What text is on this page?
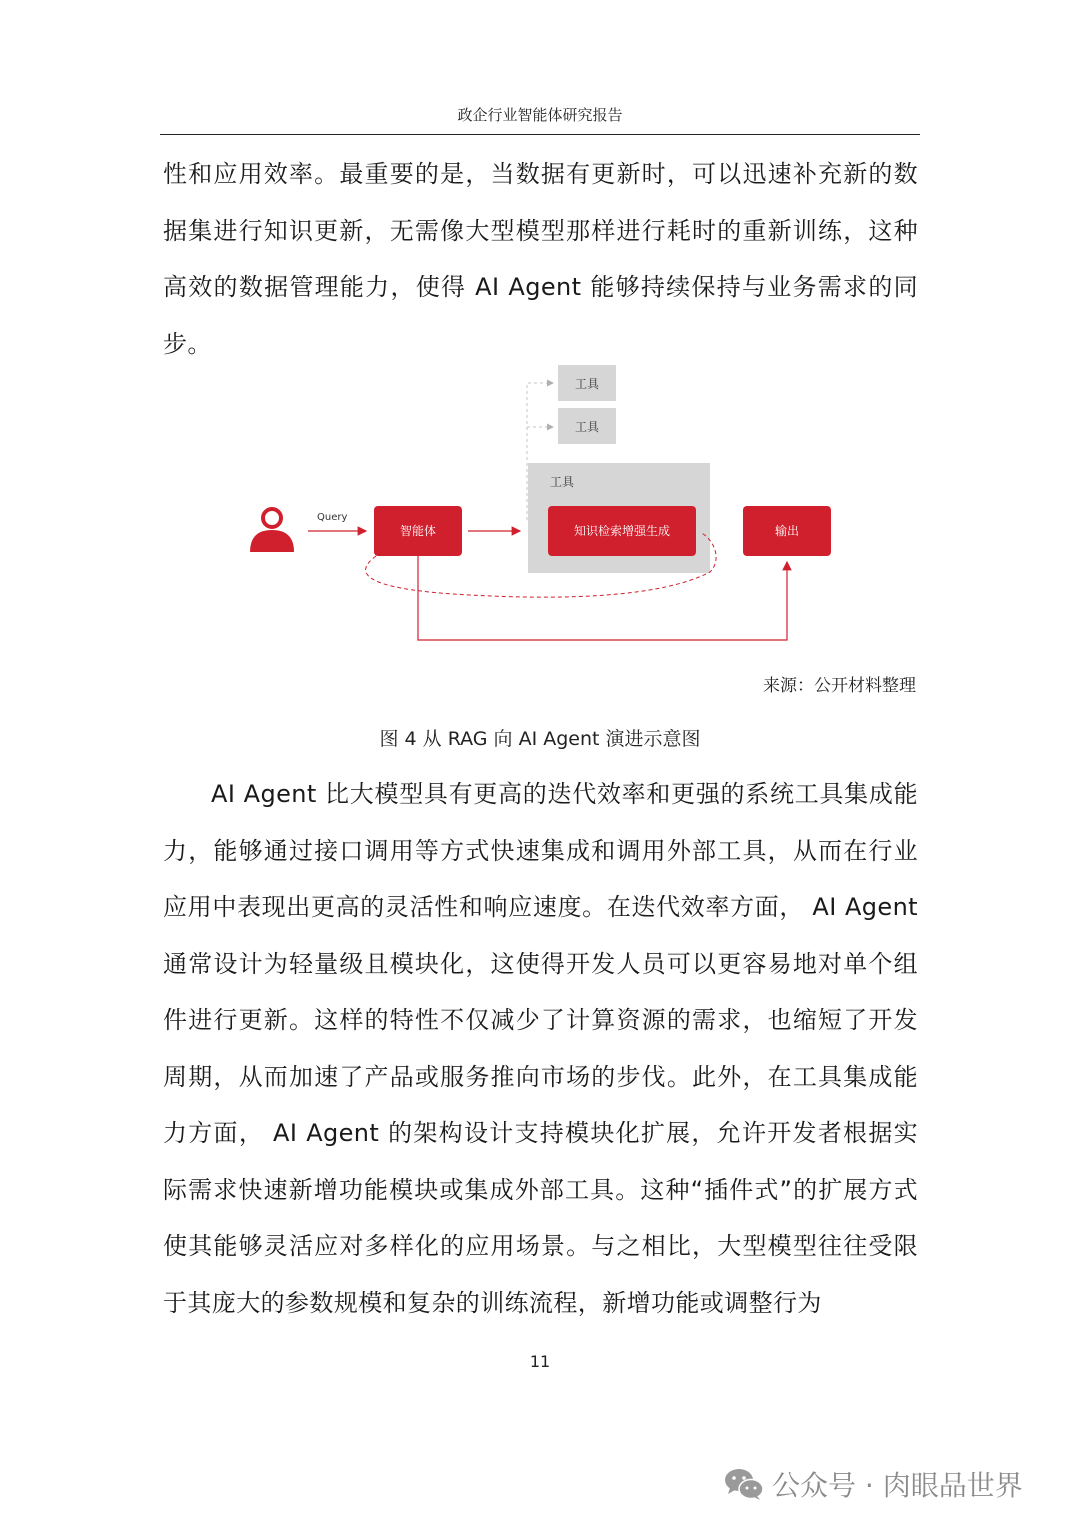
政企行业智能体研究报告
性和应用效率。最重要的是，当数据有更新时，可以迅速补充新的数据集进行知识更新，无需像大型模型那样进行耗时的重新训练，这种高效的数据管理能力，使得 AI Agent 能够持续保持与业务需求的同步。
工具
工具
工具
Query
智能体	知识检索增强生成	输出
来源：公开材料整理
图 4 从 RAG 向 AI Agent 演进示意图
AI Agent 比大模型具有更高的迭代效率和更强的系统工具集成能力，能够通过接口调用等方式快速集成和调用外部工具，从而在行业应用中表现出更高的灵活性和响应速度。在迭代效率方面， AI Agent 通常设计为轻量级且模块化，这使得开发人员可以更容易地对单个组件进行更新。这样的特性不仅减少了计算资源的需求，也缩短了开发周期，从而加速了产品或服务推向市场的步伐。此外，在工具集成能力方面， AI Agent 的架构设计支持模块化扩展，允许开发者根据实际需求快速新增功能模块或集成外部工具。这种“插件式”的扩展方式使其能够灵活应对多样化的应用场景。与之相比，大型模型往往受限于其庞大的参数规模和复杂的训练流程，新增功能或调整行为
11
公众号 · 肉眼品世界
